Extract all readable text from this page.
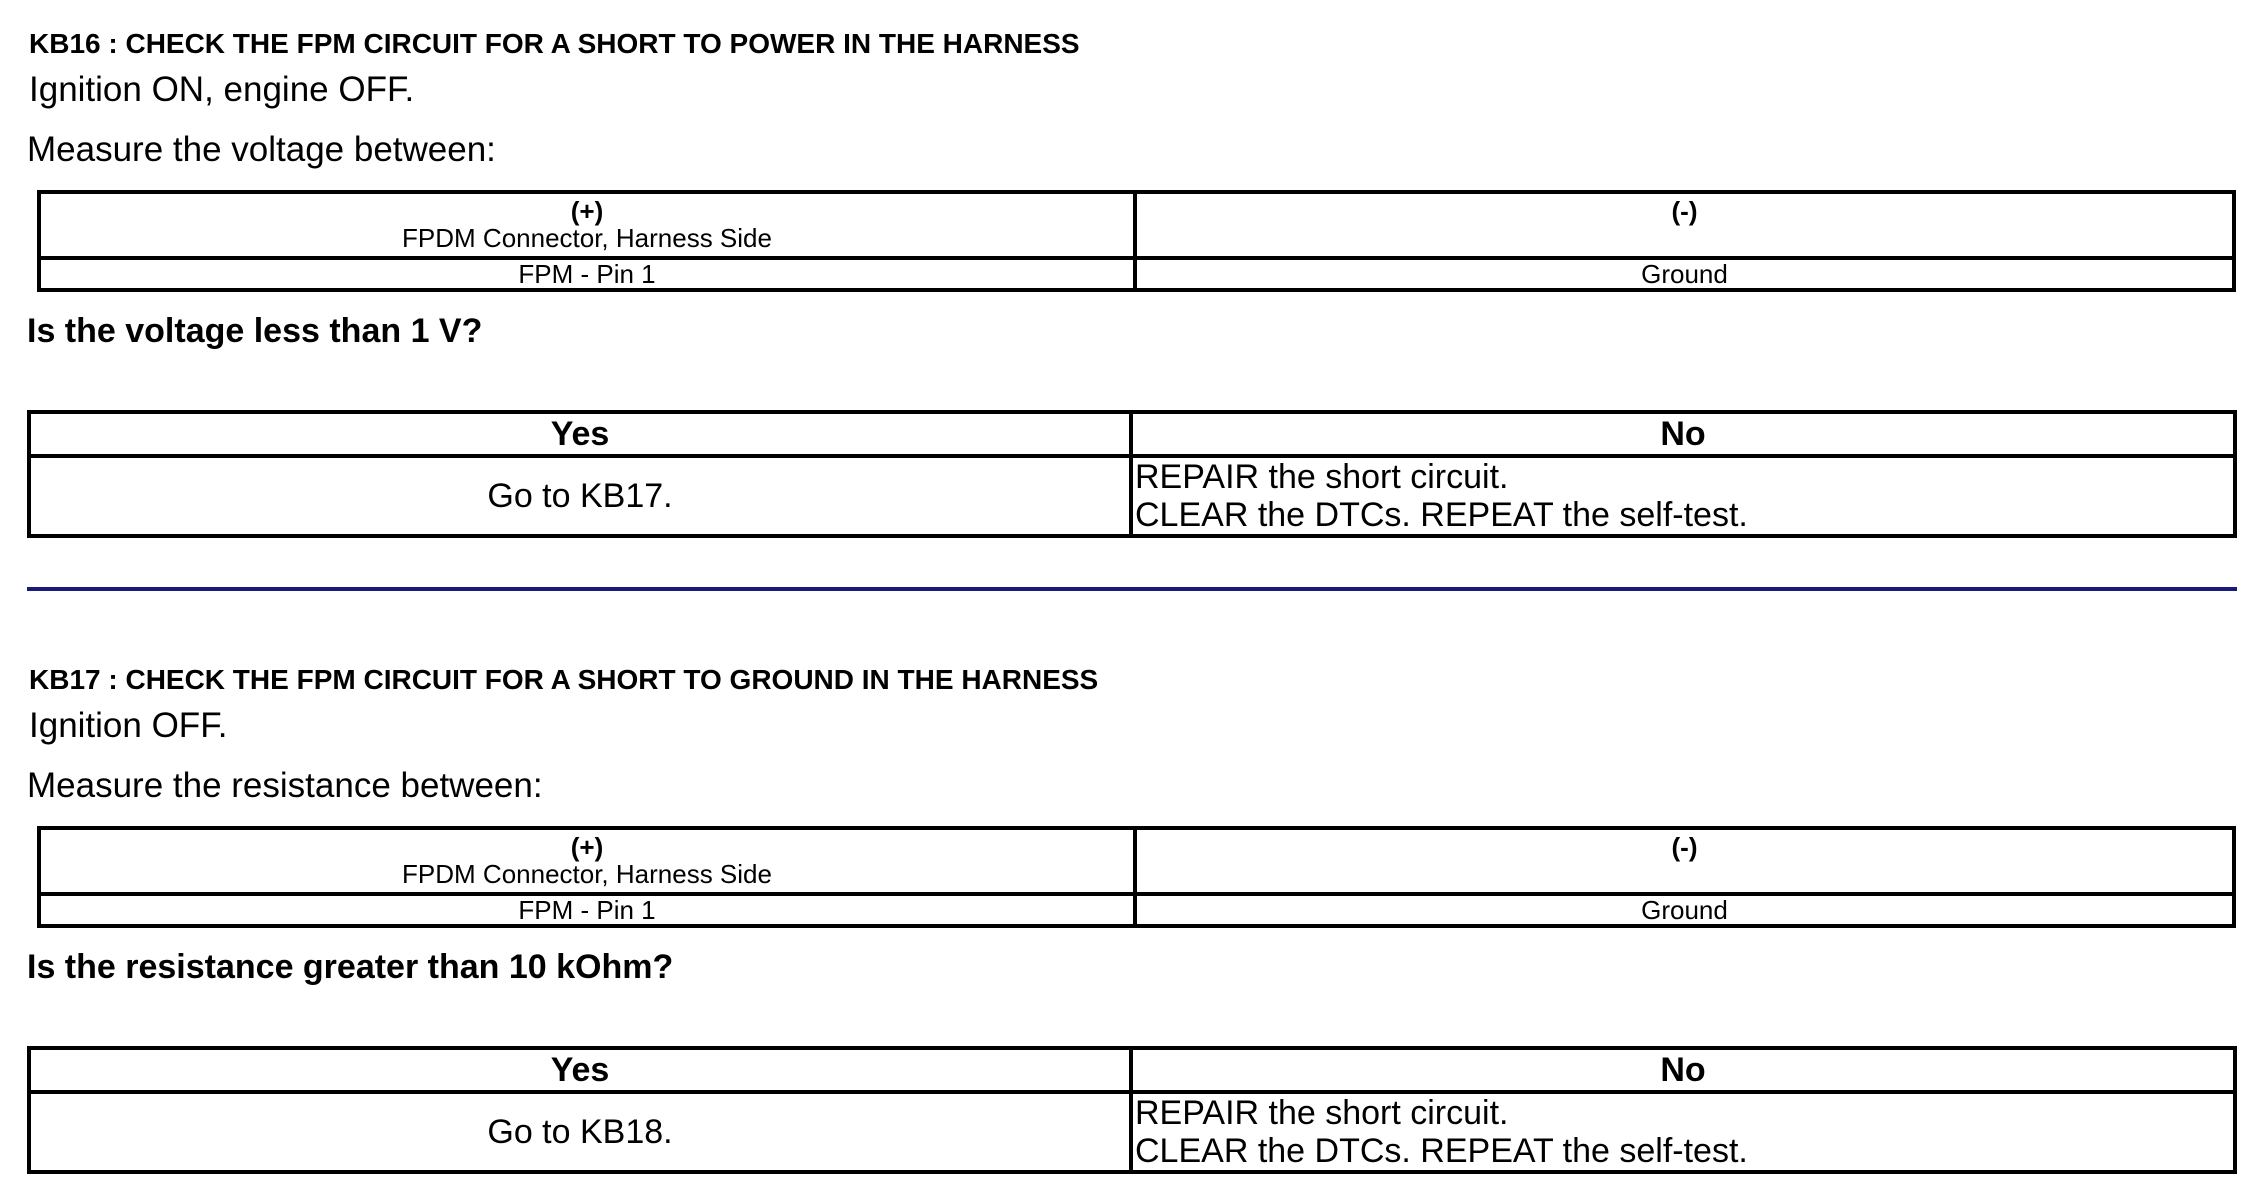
KB16 : CHECK THE FPM CIRCUIT FOR A SHORT TO POWER IN THE HARNESS
Ignition ON, engine OFF.
Measure the voltage between:
(+)
FPDM Connector, Harness Side	(-)

FPM - Pin 1	Ground
Is the voltage less than 1 V?
Yes	No
Go to KB17.	REPAIR the short circuit.
CLEAR the DTCs. REPEAT the self-test.
KB17 : CHECK THE FPM CIRCUIT FOR A SHORT TO GROUND IN THE HARNESS
Ignition OFF.
Measure the resistance between:
(+)
FPDM Connector, Harness Side	(-)

FPM - Pin 1	Ground
Is the resistance greater than 10 kOhm?
Yes	No
Go to KB18.	REPAIR the short circuit.
CLEAR the DTCs. REPEAT the self-test.
